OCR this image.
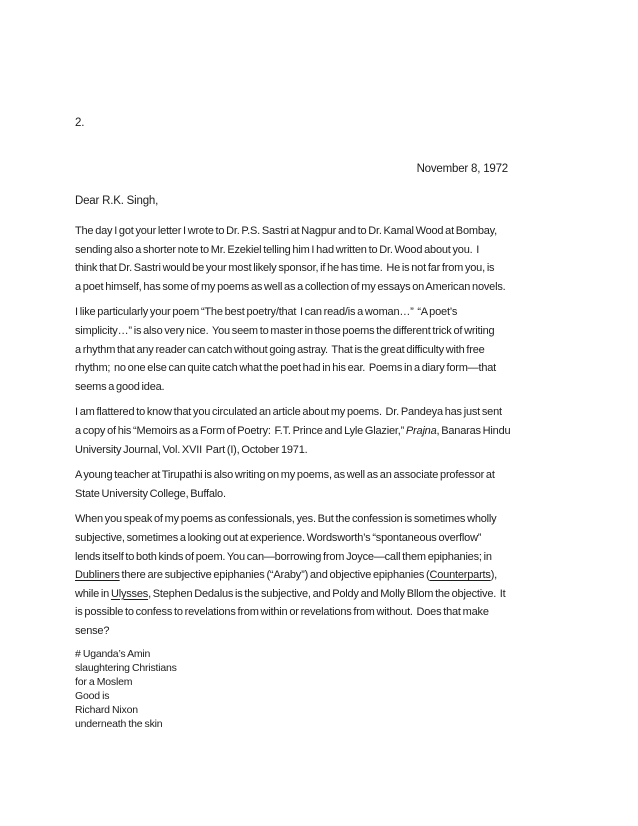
2.
November 8, 1972
Dear R.K. Singh,

The day I got your letter I wrote to Dr. P.S. Sastri at Nagpur and to Dr. Kamal Wood at Bombay,
sending also a shorter note to Mr. Ezekiel telling him I had written to Dr. Wood about you.  I
think that Dr. Sastri would be your most likely sponsor, if he has time.  He is not far from you, is
a poet himself, has some of my poems as well as a collection of my essays on American novels.

I like particularly your poem “The best poetry/that  I can read/is a woman…”  “A poet’s
simplicity…” is also very nice.  You seem to master in those poems the different trick of writing
a rhythm that any reader can catch without going astray.  That is the great difficulty with free
rhythm;  no one else can quite catch what the poet had in his ear.  Poems in a diary form—that
seems a good idea.

I am flattered to know that you circulated an article about my poems.  Dr. Pandeya has just sent
a copy of his “Memoirs as a Form of Poetry:  F.T. Prince and Lyle Glazier,” Prajna, Banaras Hindu
University Journal, Vol. XVII  Part (I), October 1971.

A young teacher at Tirupathi is also writing on my poems, as well as an associate professor at
State University College, Buffalo.

When you speak of my poems as confessionals, yes. But the confession is sometimes wholly
subjective, sometimes a looking out at experience. Wordsworth’s “spontaneous overflow”
lends itself to both kinds of poem. You can—borrowing from Joyce—call them epiphanies; in
Dubliners there are subjective epiphanies (“Araby”) and objective epiphanies (Counterparts),
while in Ulysses, Stephen Dedalus is the subjective, and Poldy and Molly Bllom the objective.  It
is possible to confess to revelations from within or revelations from without.  Does that make
sense?

# Uganda’s Amin
slaughtering Christians
for a Moslem
Good is
Richard Nixon
underneath the skin
